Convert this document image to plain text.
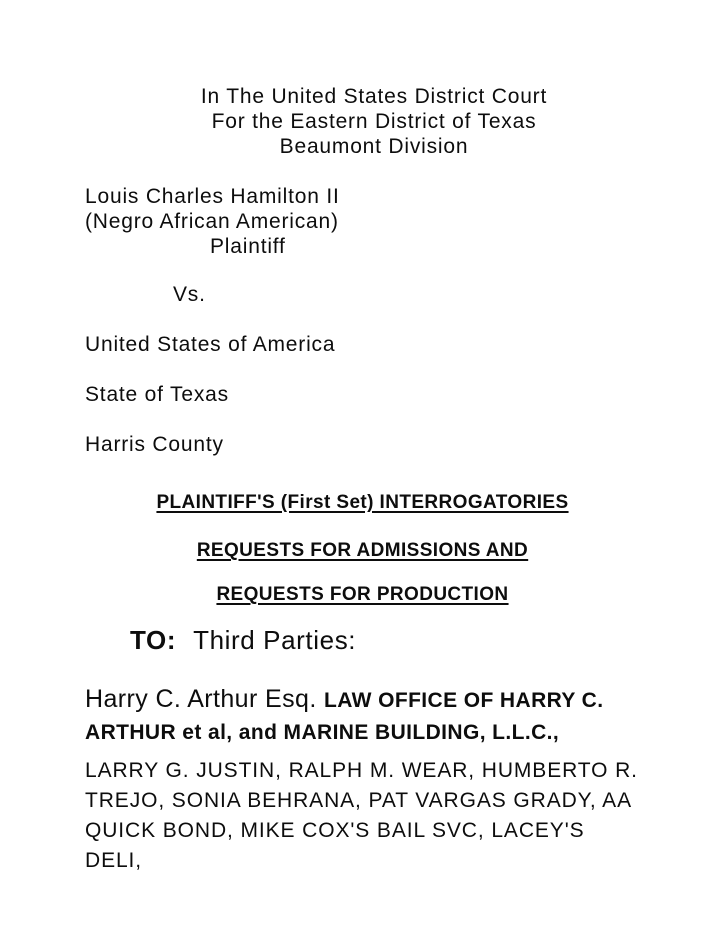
In The United States District Court
For the Eastern District of Texas
Beaumont Division
Louis Charles Hamilton II
(Negro African American)
Plaintiff
Vs.
United States of America
State of Texas
Harris County
PLAINTIFF'S (First Set) INTERROGATORIES
REQUESTS FOR ADMISSIONS AND
REQUESTS FOR PRODUCTION
TO: Third Parties:
Harry C. Arthur Esq. LAW OFFICE OF HARRY C.
ARTHUR et al, and MARINE BUILDING, L.L.C.,
LARRY G. JUSTIN, RALPH M. WEAR, HUMBERTO R.
TREJO, SONIA BEHRANA, PAT VARGAS GRADY, AA
QUICK BOND, MIKE COX'S BAIL SVC, LACEY'S DELI,
